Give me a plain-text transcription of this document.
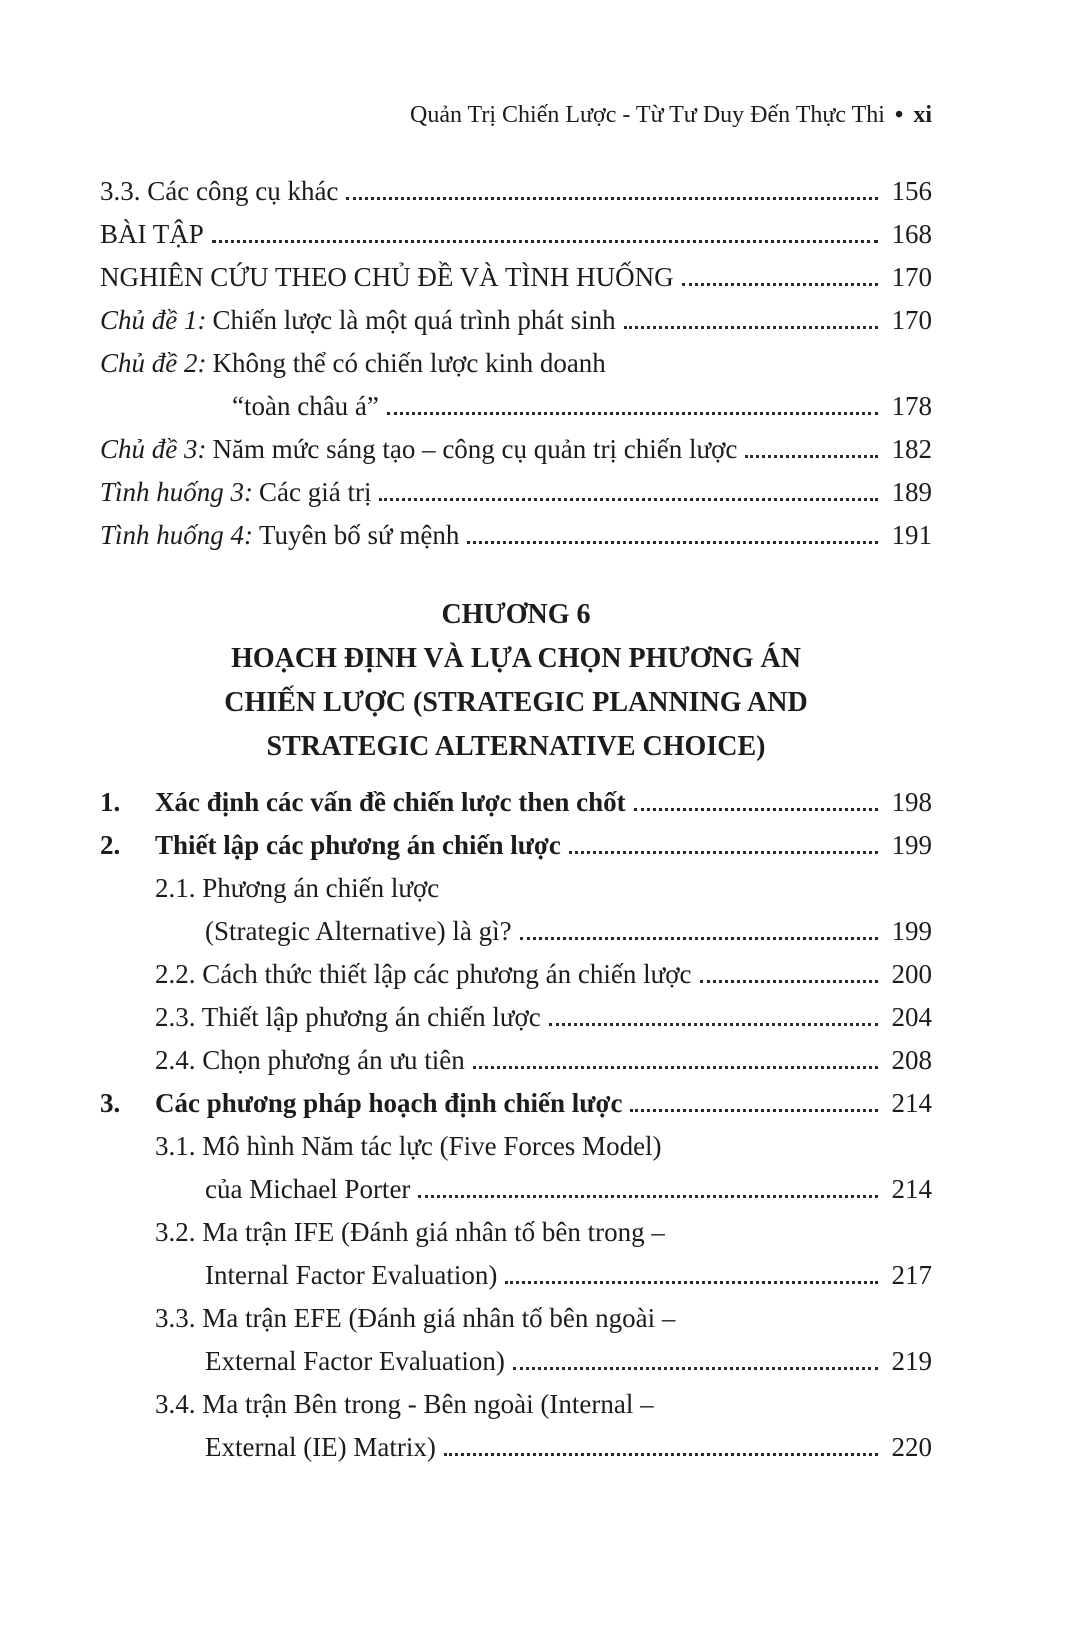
Quản Trị Chiến Lược - Từ Tư Duy Đến Thực Thi • xi
3.3. Các công cụ khác	156
BÀI TẬP	168
NGHIÊN CỨU THEO CHỦ ĐỀ VÀ TÌNH HUỐNG	170
Chủ đề 1: Chiến lược là một quá trình phát sinh	170
Chủ đề 2: Không thể có chiến lược kinh doanh
“toàn châu á”	178
Chủ đề 3: Năm mức sáng tạo – công cụ quản trị chiến lược	182
Tình huống 3: Các giá trị	189
Tình huống 4: Tuyên bố sứ mệnh	191
CHƯƠNG 6
HOẠCH ĐỊNH VÀ LỰA CHỌN PHƯƠNG ÁN
CHIẾN LƯỢC (STRATEGIC PLANNING AND
STRATEGIC ALTERNATIVE CHOICE)
1.	Xác định các vấn đề chiến lược then chốt	198
2.	Thiết lập các phương án chiến lược	199
2.1. Phương án chiến lược
(Strategic Alternative) là gì?	199
2.2. Cách thức thiết lập các phương án chiến lược	200
2.3. Thiết lập phương án chiến lược	204
2.4. Chọn phương án ưu tiên	208
3.	Các phương pháp hoạch định chiến lược	214
3.1. Mô hình Năm tác lực (Five Forces Model)
của Michael Porter	214
3.2. Ma trận IFE (Đánh giá nhân tố bên trong –
Internal Factor Evaluation)	217
3.3. Ma trận EFE (Đánh giá nhân tố bên ngoài –
External Factor Evaluation)	219
3.4. Ma trận Bên trong - Bên ngoài (Internal –
External (IE) Matrix)	220
